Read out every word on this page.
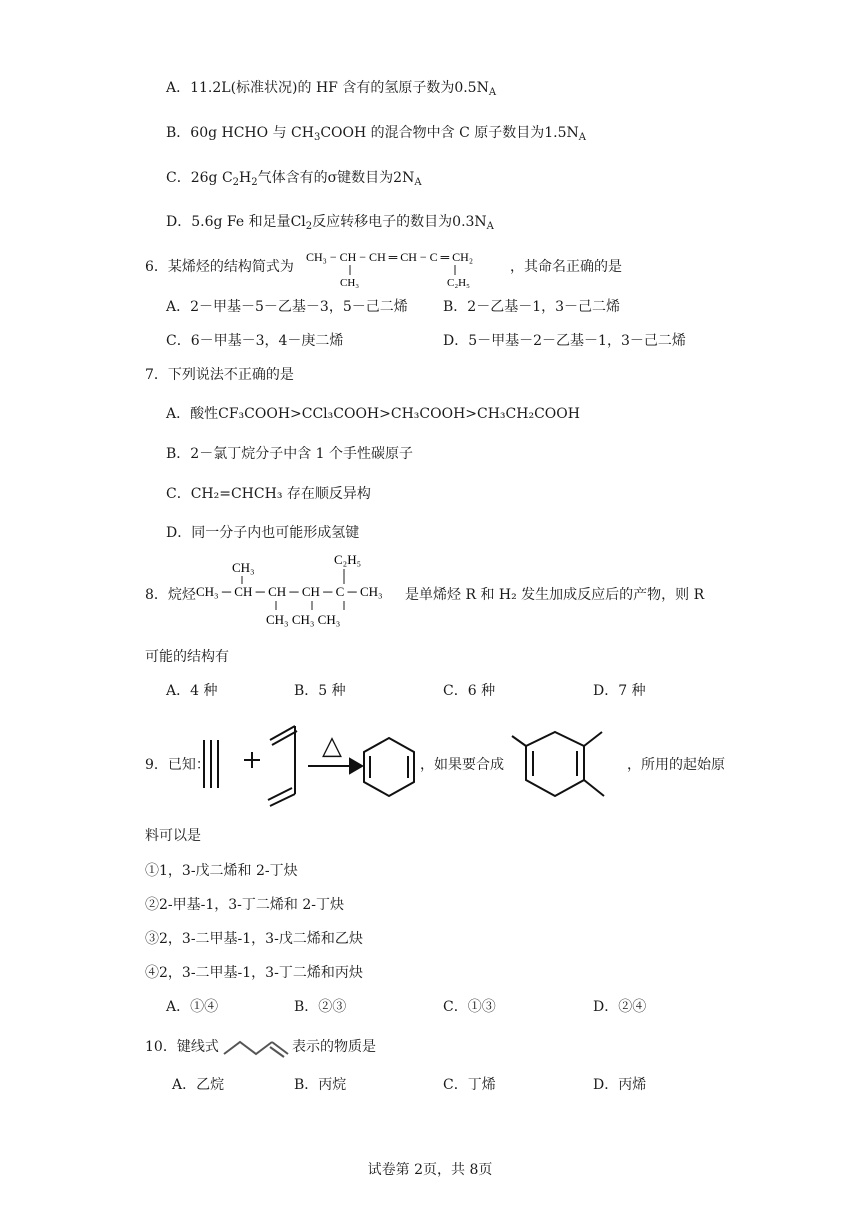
A．11.2L(标准状况)的 HF 含有的氢原子数为$0.5N_A$
B．60g HCHO 与 $CH_3COOH$ 的混合物中含 C 原子数目为$1.5N_A$
C．26g $C_2H_2$气体含有的σ键数目为$2N_A$
D．5.6g Fe 和足量$Cl_2$反应转移电子的数目为$0.3N_A$
6．某烯烃的结构简式为
CH₃ − CH − CH ═ CH − C ═ CH₂
CH₃	C₂H₅
，其命名正确的是
A．2－甲基－5－乙基－3，5－己二烯	B．2－乙基－1，3－己二烯
C．6－甲基－3，4－庚二烯	D．5－甲基－2－乙基－1，3－己二烯
7．下列说法不正确的是
A．酸性CF₃COOH>CCl₃COOH>CH₃COOH>CH₃CH₂COOH
B．2－氯丁烷分子中含 1 个手性碳原子
C．CH₂=CHCH₃ 存在顺反异构
D．同一分子内也可能形成氢键
8．烷烃
CH₃
C₂H₅
CH₃ ─ CH ─ CH ─ CH ─ C ─ CH₃
CH₃ CH₃ CH₃
是单烯烃 R 和 H₂ 发生加成反应后的产物，则 R
可能的结构有
A．4 种	B．5 种	C．6 种	D．7 种
9．已知：
△
，如果要合成	，所用的起始原
料可以是
①1，3-戊二烯和 2-丁炔
②2-甲基-1，3-丁二烯和 2-丁炔
③2，3-二甲基-1，3-戊二烯和乙炔
④2，3-二甲基-1，3-丁二烯和丙炔
A．①④	B．②③	C．①③	D．②④
10．键线式	表示的物质是
A．乙烷	B．丙烷	C．丁烯	D．丙烯
试卷第 2页，共 8页
